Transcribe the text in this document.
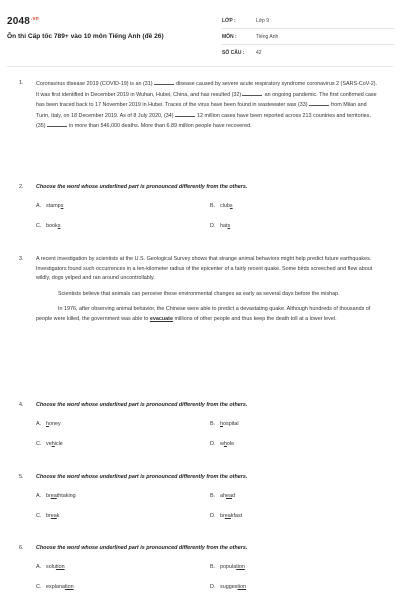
$2048^{.vn}$
Ôn thi Cấp tốc 789+ vào 10 môn Tiếng Anh (đề 26)
LỚP :	Lớp 9
MÔN :	Tiếng Anh
SỐ CÂU :	42
1.	Coronavirus disease 2019 (COVID-19) is an (31)	disease caused by severe acute respiratory syndrome coronavirus 2 (SARS-CoV-2). It was first identified in December 2019 in Wuhan, Hubei, China, and has resulted (32)	an ongoing pandemic. The first confirmed case has been traced back to 17 November 2019 in Hubei. Traces of the virus have been found in wastewater was (33)	from Milan and Turin, Italy, on 18 December 2019. As of 8 July 2020, (34)	12 million cases have been reported across 213 countries and territories, (35)	in more than 546,000 deaths. More than 6.89 million people have recovered.
2.	Choose the word whose underlined part is pronounced differently from the others.
A. stamps	B. clubs
C. books	D. hats
3.	A recent investigation by scientists at the U.S. Geological Survey shows that strange animal behaviors might help predict future earthquakes. Investigators found such occurrences in a ten-kilometer radius of the epicenter of a fairly recent quake. Some birds screeched and flew about wildly, dogs yelped and ran around uncontrollably.

Scientists believe that animals can perceive these environmental changes as early as several days before the mishap.

In 1976, after observing animal behavior, the Chinese were able to predict a devastating quake. Although hundreds of thousands of people were killed, the government was able to evacuate millions of other people and thus keep the death toll at a lower level.

4.	Choose the word whose underlined part is pronounced differently from the others.
A. honey	B. hospital
C. vehicle	D. whole
5.	Choose the word whose underlined part is pronounced differently from the others.
A. breathtaking	B. ahead
C. break	D. breakfast
6.	Choose the word whose underlined part is pronounced differently from the others.
A. solution	B. population
C. explanation	D. suggestion
